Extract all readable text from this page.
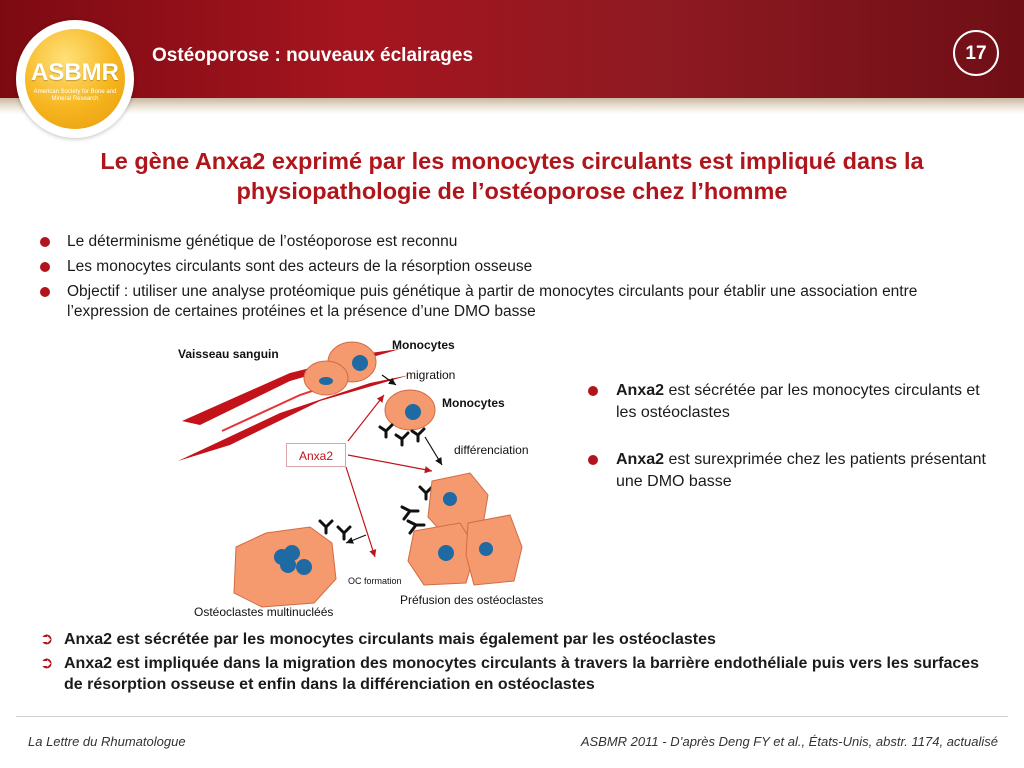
ASBMR
American Society for Bone and Mineral Research
Ostéoporose : nouveaux éclairages	17
Le gène Anxa2 exprimé par les monocytes circulants est impliqué dans la physiopathologie de l’ostéoporose chez l’homme
Le déterminisme génétique de l’ostéoporose est reconnu
Les monocytes circulants sont des acteurs de la résorption osseuse
Objectif : utiliser une analyse protéomique puis génétique à partir de monocytes circulants pour établir une association entre l’expression de certaines protéines et la présence d’une DMO basse
Vaisseau sanguin
Monocytes
migration
Monocytes
Anxa2	différenciation
OC formation
Ostéoclastes multinucléés
Préfusion des ostéoclastes
Anxa2 est sécrétée par les monocytes circulants et les ostéoclastes
Anxa2 est surexprimée chez les patients présentant une DMO basse
➲ Anxa2 est sécrétée par les monocytes circulants mais également par les ostéoclastes
➲ Anxa2 est impliquée dans la migration des monocytes circulants à travers la barrière endothéliale puis vers les surfaces de résorption osseuse et enfin dans la différenciation en ostéoclastes
La Lettre du Rhumatologue	ASBMR 2011 - D’après Deng FY et al., États-Unis, abstr. 1174, actualisé
